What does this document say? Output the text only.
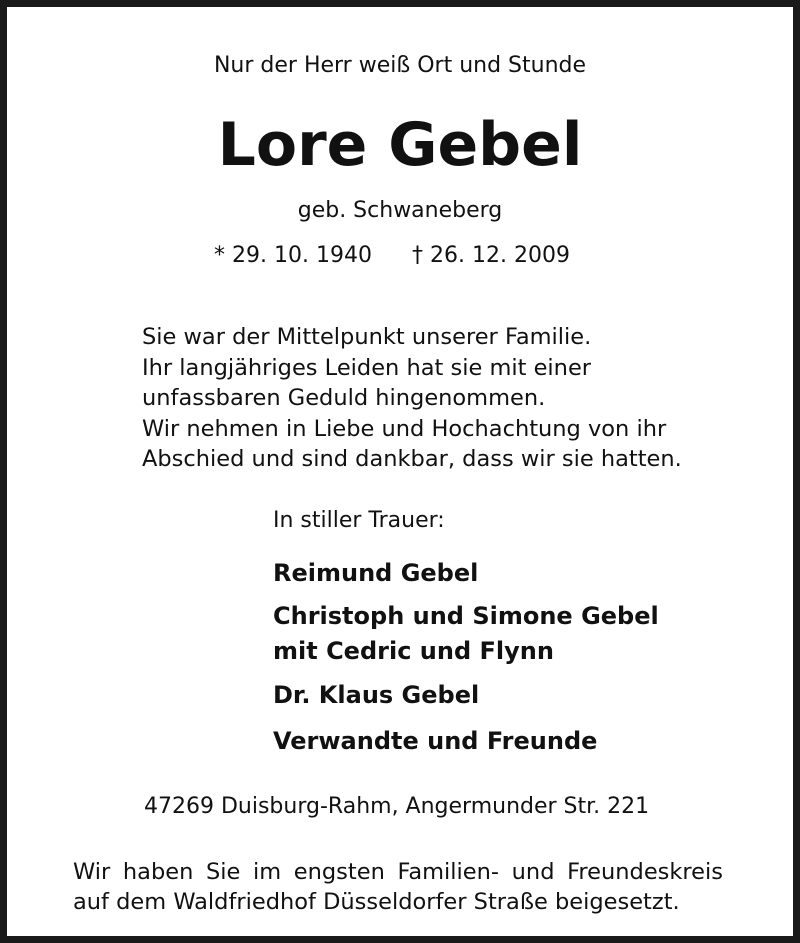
Nur der Herr weiß Ort und Stunde
Lore Gebel
geb. Schwaneberg
* 29. 10. 1940 † 26. 12. 2009
Sie war der Mittelpunkt unserer Familie.
Ihr langjähriges Leiden hat sie mit einer
unfassbaren Geduld hingenommen.
Wir nehmen in Liebe und Hochachtung von ihr
Abschied und sind dankbar, dass wir sie hatten.
In stiller Trauer:
Reimund Gebel
Christoph und Simone Gebel
mit Cedric und Flynn
Dr. Klaus Gebel
Verwandte und Freunde
47269 Duisburg-Rahm, Angermunder Str. 221
Wir haben Sie im engsten Familien- und Freundeskreis
auf dem Waldfriedhof Düsseldorfer Straße beigesetzt.
